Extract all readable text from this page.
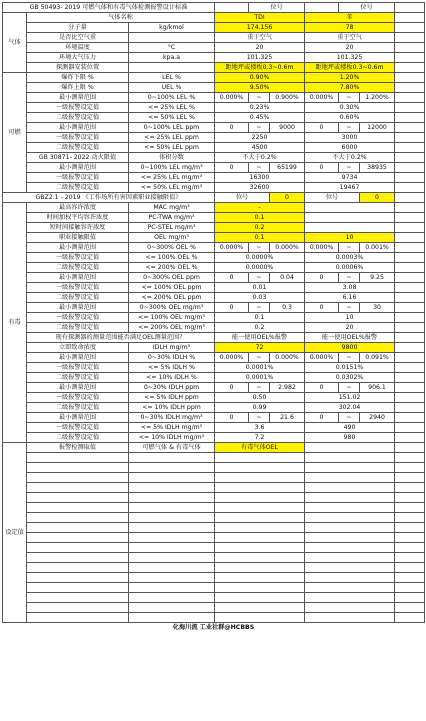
GB 50493- 2019 可燃气体和有毒气体检测报警设计标准				位号			位号		
气体	气体名称		TDI			苯			
	分子量	kg/kmol	174.156			78			
	是否比空气重		重于空气			重于空气			
	环境温度	°C	20			20			
	环境大气压力	kpa.a	101.325			101.325			
	探测器安装位置		距地坪或楼板0.3~0.6m			距地坪或楼板0.3~0.6m			
可燃	爆炸下限 %	LEL %	0.90%			1.20%			
	爆炸上限 %	UEL %	9.50%			7.80%			
	最小测量范围	0~100% LEL %	0.000%	~	0.900%	0.000%	~	1.200%	
	一级报警设定值	<= 25% LEL %	0.23%			0.30%			
	二级报警设定值	<= 50% LEL %	0.45%			0.60%			
	最小测量范围	0~100% LEL ppm	0	~	9000	0	~	12000	
	一级报警设定值	<= 25% LEL ppm	2250			3000			
	二级报警设定值	<= 50% LEL ppm	4500			6000			
	GB 30871- 2022 动火限值	体积分数	不大于0.2%			不大于0.2%			
	最小测量范围	0~100% LEL mg/m³	0	~	65199	0	~	38935	
	一级报警设定值	<= 25% LEL mg/m³	16300			9734			
	二级报警设定值	<= 50% LEL mg/m³	32600			19467			
GBZ2.1 - 2019 《工作场所有害因素职业接触限值》			位号		0	位号		0	
有毒	最高容许浓度	MAC mg/m³	-						
	时间加权平均容许浓度	PC-TWA mg/m³	0.1						
	短时间接触容许浓度	PC-STEL mg/m³	0.2						
	职业接触限值	OEL mg/m³	0.1			10			
	最小测量范围	0~300% OEL %	0.000%	~	0.000%	0.000%	~	0.001%	
	一级报警设定值	<= 100% OEL %	0.0000%			0.0003%			
	二级报警设定值	<= 200% OEL %	0.0000%			0.0006%			
	最小测量范围	0~300% OEL ppm	0	~	0.04	0	~	9.25	
	一级报警设定值	<= 100% OEL ppm	0.01			3.08			
	二级报警设定值	<= 200% OEL ppm	0.03			6.16			
	最小测量范围	0~300% OEL mg/m³	0	~	0.3	0	~	30	
	一级报警设定值	<= 100% OEL mg/m³	0.1			10			
	二级报警设定值	<= 200% OEL mg/m³	0.2			20			
	现有探测器的测量范围能否满足OEL测量范围？		能一使用OEL%报警			能一使用OEL%报警			
	立即致命浓度	IDLH mg/m³	72			9800			
	最小测量范围	0~30% IDLH %	0.000%	~	0.000%	0.000%	~	0.091%	
	一级报警设定值	<= 5% IDLH %	0.0001%			0.0151%			
	二级报警设定值	<= 10% IDLH %	0.0001%			0.0302%			
	最小测量范围	0~30% IDLH ppm	0	~	2.982	0	~	906.1	
	一级报警设定值	<= 5% IDLH ppm	0.50			151.02			
	二级报警设定值	<= 10% IDLH ppm	0.99			302.04			
	最小测量范围	0~30% IDLH mg/m³	0	~	21.6	0	~	2940	
	一级报警设定值	<= 5% IDLH mg/m³	3.6			490			
	二级报警设定值	<= 10% IDLH mg/m³	7.2			980			
设定值	报警检测取值	可燃气体 & 有毒气体	有毒气体OEL						

化海川流 工业社群@HCBBS									
